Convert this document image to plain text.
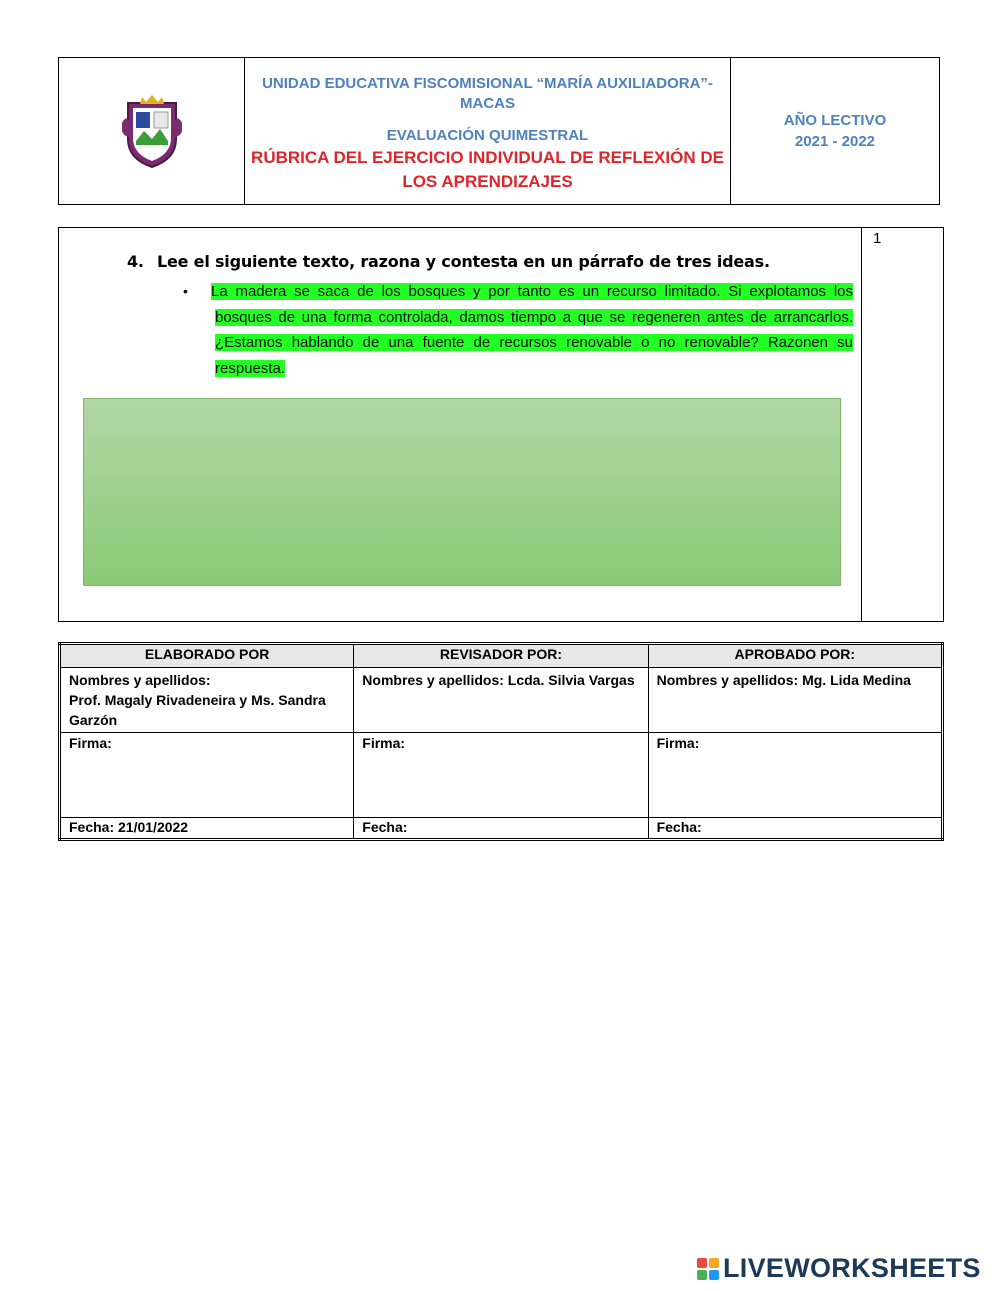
UNIDAD EDUCATIVA FISCOMISIONAL “MARÍA AUXILIADORA”-
MACAS
EVALUACIÓN QUIMESTRAL
RÚBRICA DEL EJERCICIO INDIVIDUAL DE REFLEXIÓN DE
LOS APRENDIZAJES
AÑO LECTIVO
2021 - 2022
1
4. Lee el siguiente texto, razona y contesta en un párrafo de tres ideas.
•	La madera se saca de los bosques y por tanto es un recurso limitado. Si explotamos los bosques de una forma controlada, damos tiempo a que se regeneren antes de arrancarlos. ¿Estamos hablando de una fuente de recursos renovable o no renovable? Razonen su respuesta.

ELABORADO POR	REVISADOR POR:	APROBADO POR:
Nombres y apellidos:
Prof. Magaly Rivadeneira y Ms. Sandra Garzón	Nombres y apellidos: Lcda. Silvia Vargas	Nombres y apellidos: Mg. Lida Medina
Firma:	Firma:	Firma:
Fecha: 21/01/2022	Fecha:	Fecha:
LIVEWORKSHEETS
